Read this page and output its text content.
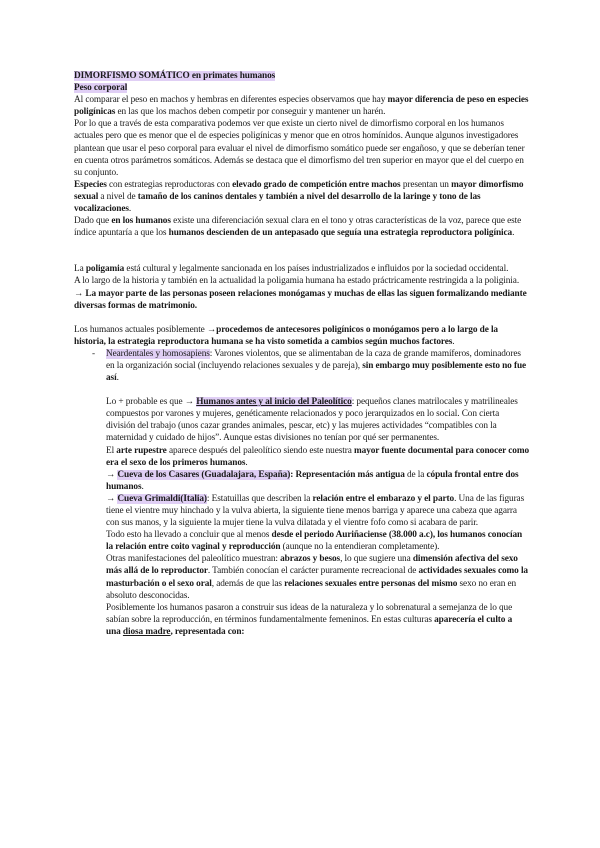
DIMORFISMO SOMÁTICO en primates humanos

Peso corporal

Al comparar el peso en machos y hembras en diferentes especies observamos que hay mayor diferencia de peso en especies poligínicas en las que los machos deben competir por conseguir y mantener un harén.

Por lo que a través de esta comparativa podemos ver que existe un cierto nivel de dimorfismo corporal en los humanos actuales pero que es menor que el de especies poligínicas y menor que en otros homínidos. Aunque algunos investigadores plantean que usar el peso corporal para evaluar el nivel de dimorfismo somático puede ser engañoso, y que se deberían tener en cuenta otros parámetros somáticos. Además se destaca que el dimorfismo del tren superior en mayor que el del cuerpo en su conjunto.

Especies con estrategias reproductoras con elevado grado de competición entre machos presentan un mayor dimorfismo sexual a nivel de tamaño de los caninos dentales y también a nivel del desarrollo de la laringe y tono de las vocalizaciones.

Dado que en los humanos existe una diferenciación sexual clara en el tono y otras características de la voz, parece que este índice apuntaría a que los humanos descienden de un antepasado que seguía una estrategia reproductora poligínica.

La poligamia está cultural y legalmente sancionada en los países industrializados e influidos por la sociedad occidental.

A lo largo de la historia y también en la actualidad la poligamia humana ha estado práctricamente restringida a la poliginia.

→ La mayor parte de las personas poseen relaciones monógamas y muchas de ellas las siguen formalizando mediante diversas formas de matrimonio.

Los humanos actuales posiblemente →procedemos de antecesores poligínicos o monógamos pero a lo largo de la historia, la estrategia reproductora humana se ha visto sometida a cambios según muchos factores.

-	Neardentales y homosapiens: Varones violentos, que se alimentaban de la caza de grande mamíferos, dominadores en la organización social (incluyendo relaciones sexuales y de pareja), sin embargo muy posiblemente esto no fue así.

Lo + probable es que → Humanos antes y al inicio del Paleolítico: pequeños clanes matrilocales y matrilineales compuestos por varones y mujeres, genéticamente relacionados y poco jerarquizados en lo social. Con cierta división del trabajo (unos cazar grandes animales, pescar, etc) y las mujeres actividades “compatibles con la maternidad y cuidado de hijos”. Aunque estas divisiones no tenían por qué ser permanentes.

El arte rupestre aparece después del paleolítico siendo este nuestra mayor fuente documental para conocer como era el sexo de los primeros humanos.

→ Cueva de los Casares (Guadalajara, España): Representación más antigua de la cópula frontal entre dos humanos.

→ Cueva Grimaldi(Italia): Estatuillas que describen la relación entre el embarazo y el parto. Una de las figuras tiene el vientre muy hinchado y la vulva abierta, la siguiente tiene menos barriga y aparece una cabeza que agarra con sus manos, y la siguiente la mujer tiene la vulva dilatada y el vientre fofo como si acabara de parir.

Todo esto ha llevado a concluir que al menos desde el periodo Auriñaciense (38.000 a.c), los humanos conocían la relación entre coito vaginal y reproducción (aunque no la entendieran completamente).

Otras manifestaciones del paleolítico muestran: abrazos y besos, lo que sugiere una dimensión afectiva del sexo más allá de lo reproductor. También conocían el carácter puramente recreacional de actividades sexuales como la masturbación o el sexo oral, además de que las relaciones sexuales entre personas del mismo sexo no eran en absoluto desconocidas.

Posiblemente los humanos pasaron a construir sus ideas de la naturaleza y lo sobrenatural a semejanza de lo que sabían sobre la reproducción, en términos fundamentalmente femeninos. En estas culturas aparecería el culto a una diosa madre, representada con:
